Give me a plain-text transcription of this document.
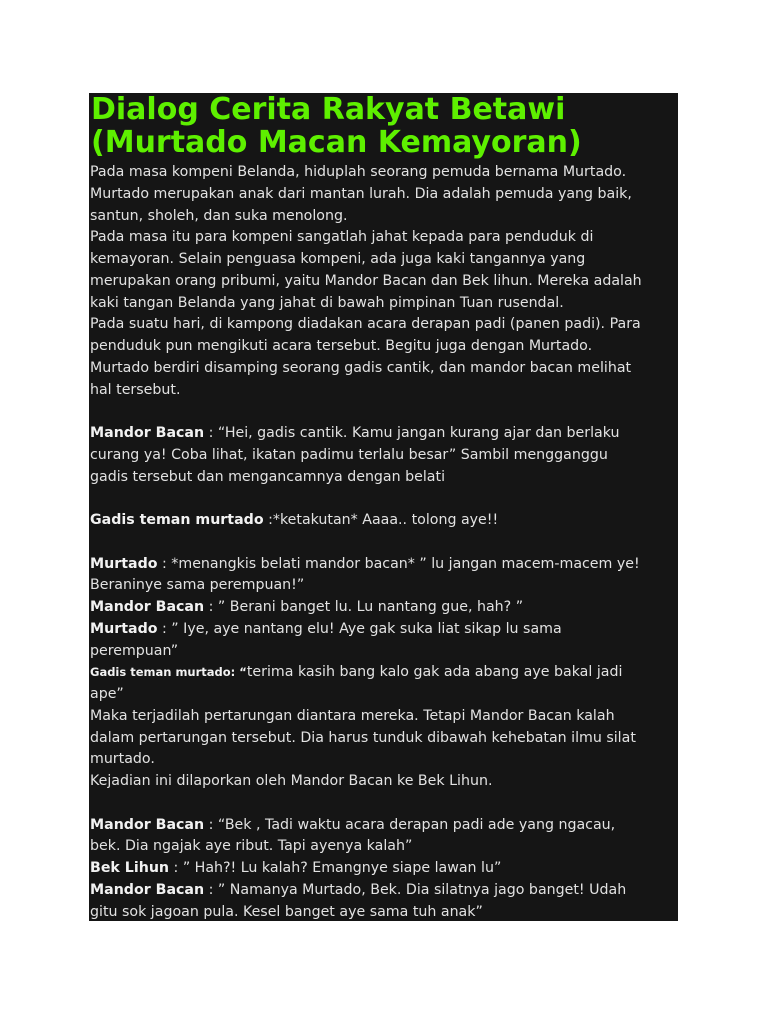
Dialog Cerita Rakyat Betawi
(Murtado Macan Kemayoran)
Pada masa kompeni Belanda, hiduplah seorang pemuda bernama Murtado.
Murtado merupakan anak dari mantan lurah. Dia adalah pemuda yang baik,
santun, sholeh, dan suka menolong.
Pada masa itu para kompeni sangatlah jahat kepada para penduduk di
kemayoran. Selain penguasa kompeni, ada juga kaki tangannya yang
merupakan orang pribumi, yaitu Mandor Bacan dan Bek lihun. Mereka adalah
kaki tangan Belanda yang jahat di bawah pimpinan Tuan rusendal.
Pada suatu hari, di kampong diadakan acara derapan padi (panen padi). Para
penduduk pun mengikuti acara tersebut. Begitu juga dengan Murtado.
Murtado berdiri disamping seorang gadis cantik, dan mandor bacan melihat
hal tersebut.
Mandor Bacan : “Hei, gadis cantik. Kamu jangan kurang ajar dan berlaku
curang ya! Coba lihat, ikatan padimu terlalu besar” Sambil mengganggu
gadis tersebut dan mengancamnya dengan belati
Gadis teman murtado :*ketakutan* Aaaa.. tolong aye!!
Murtado : *menangkis belati mandor bacan* ” lu jangan macem-macem ye!
Beraninye sama perempuan!”
Mandor Bacan : ” Berani banget lu. Lu nantang gue, hah? ”
Murtado : ” Iye, aye nantang elu! Aye gak suka liat sikap lu sama
perempuan”
Gadis teman murtado: “terima kasih bang kalo gak ada abang aye bakal jadi
ape”
Maka terjadilah pertarungan diantara mereka. Tetapi Mandor Bacan kalah
dalam pertarungan tersebut. Dia harus tunduk dibawah kehebatan ilmu silat
murtado.
Kejadian ini dilaporkan oleh Mandor Bacan ke Bek Lihun.
Mandor Bacan : “Bek , Tadi waktu acara derapan padi ade yang ngacau,
bek. Dia ngajak aye ribut. Tapi ayenya kalah”
Bek Lihun : ” Hah?! Lu kalah? Emangnye siape lawan lu”
Mandor Bacan : ” Namanya Murtado, Bek. Dia silatnya jago banget! Udah
gitu sok jagoan pula. Kesel banget aye sama tuh anak”
